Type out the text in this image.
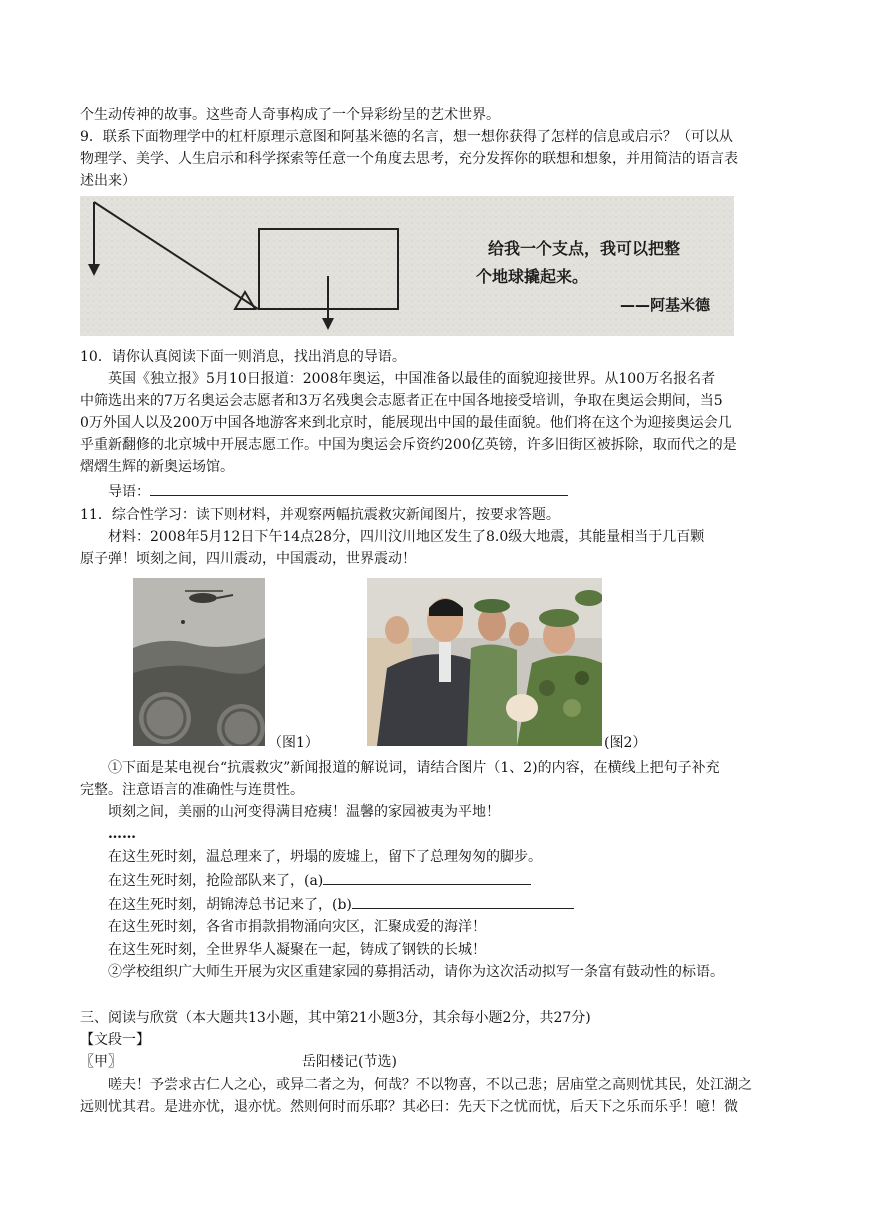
个生动传神的故事。这些奇人奇事构成了一个异彩纷呈的艺术世界。
9．联系下面物理学中的杠杆原理示意图和阿基米德的名言，想一想你获得了怎样的信息或启示？（可以从
物理学、美学、人生启示和科学探索等任意一个角度去思考，充分发挥你的联想和想象，并用简洁的语言表
述出来）
给我一个支点，我可以把整
个地球撬起来。
——阿基米德
10．请你认真阅读下面一则消息，找出消息的导语。
英国《独立报》5月10日报道：2008年奥运，中国准备以最佳的面貌迎接世界。从100万名报名者
中筛选出来的7万名奥运会志愿者和3万名残奥会志愿者正在中国各地接受培训，争取在奥运会期间，当5
0万外国人以及200万中国各地游客来到北京时，能展现出中国的最佳面貌。他们将在这个为迎接奥运会几
乎重新翻修的北京城中开展志愿工作。中国为奥运会斥资约200亿英镑，许多旧街区被拆除，取而代之的是
熠熠生辉的新奥运场馆。
导语：
11．综合性学习：读下则材料，并观察两幅抗震救灾新闻图片，按要求答题。
材料：2008年5月12日下午14点28分，四川汶川地区发生了8.0级大地震，其能量相当于几百颗
原子弹！顷刻之间，四川震动，中国震动，世界震动！
（图1）	(图2）
①下面是某电视台“抗震救灾”新闻报道的解说词，请结合图片（1、2)的内容，在横线上把句子补充
完整。注意语言的准确性与连贯性。
顷刻之间，美丽的山河变得满目疮痍！温馨的家园被夷为平地！
……
在这生死时刻，温总理来了，坍塌的废墟上，留下了总理匆匆的脚步。
在这生死时刻，抢险部队来了，(a)
在这生死时刻，胡锦涛总书记来了，(b)
在这生死时刻，各省市捐款捐物涌向灾区，汇聚成爱的海洋！
在这生死时刻，全世界华人凝聚在一起，铸成了钢铁的长城！
②学校组织广大师生开展为灾区重建家园的募捐活动，请你为这次活动拟写一条富有鼓动性的标语。
三、阅读与欣赏（本大题共13小题，其中第21小题3分，其余每小题2分，共27分)
【文段一】
〖甲〗	岳阳楼记(节选)
嗟夫！予尝求古仁人之心，或异二者之为，何哉？不以物喜，不以己悲；居庙堂之高则忧其民，处江湖之
远则忧其君。是进亦忧，退亦忧。然则何时而乐耶？其必曰：先天下之忧而忧，后天下之乐而乐乎！噫！微
